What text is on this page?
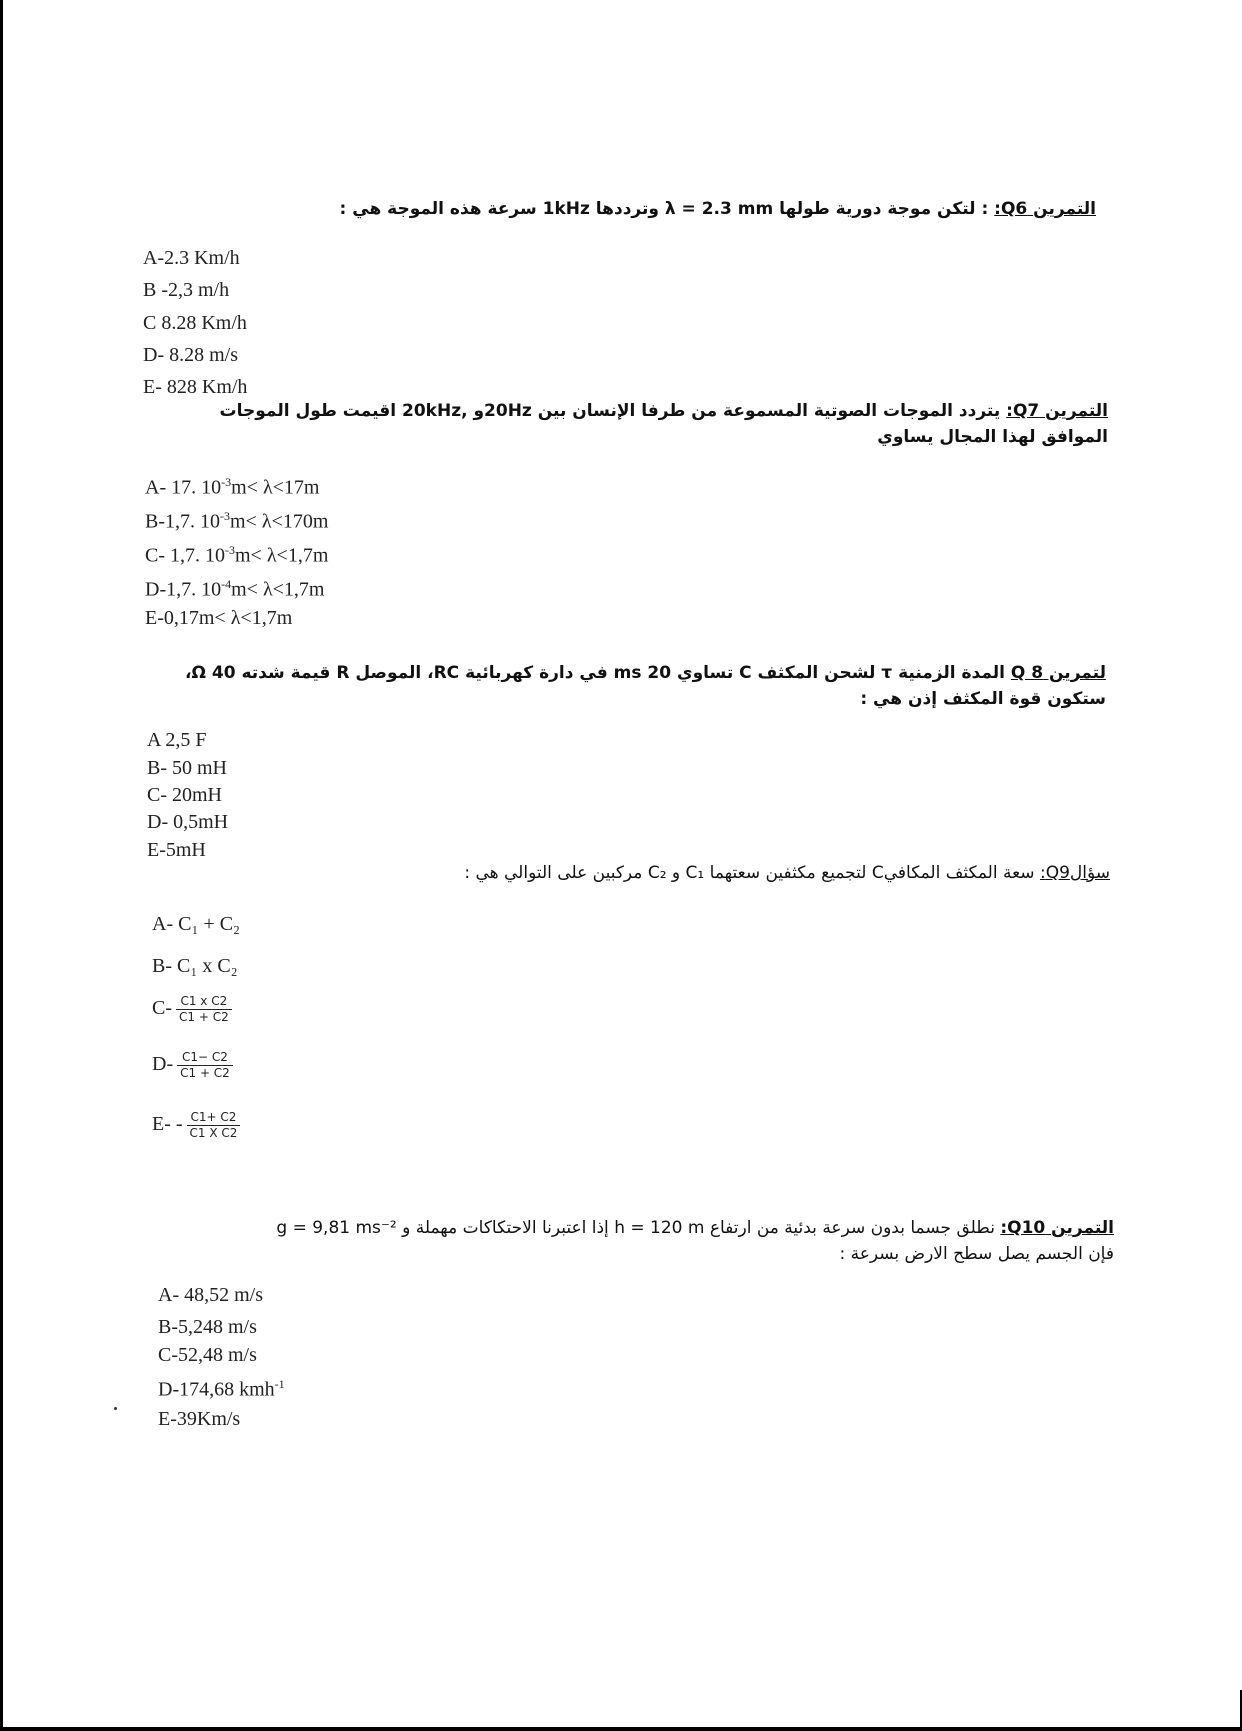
التمرين Q6: : لتكن موجة دورية طولها λ = 2.3 mm وترددها 1kHz سرعة هذه الموجة هي :
A-2.3 Km/h
B -2,3 m/h
C 8.28 Km/h
D- 8.28 m/s
E- 828 Km/h
التمرين Q7: يتردد الموجات الصوتية المسموعة من طرفا الإنسان بين 20Hzو ,20kHz اقيمت طول الموجات
الموافق لهذا المجال يساوي
A- 17. $10^{-3}m< \lambda<17m$
B-1,7. $10^{-3}m< \lambda<170m$
C- 1,7. $10^{-3}m< \lambda<1,7m$
D-1,7. $10^{-4}m< \lambda<1,7m$
E-0,17m< λ<1,7m
لتمرين Q 8 المدة الزمنية τ لشحن المكثف C تساوي 20 ms في دارة كهربائية RC، الموصل R قيمة شدته 40 Ω،
ستكون قوة المكثف إذن هي :
A 2,5 F
B- 50 mH
C- 20mH
D- 0,5mH
E-5mH
سؤالQ9: سعة المكثف المكافيC لتجميع مكثفين سعتهما C₁ و C₂ مركبين على التوالي هي :
A- C₁ + C₂
B- C₁ x C₂
$C- \frac{\text{C1 x C2}}{C1 + C2}$
$D- \frac{C1- C2}{C1 + C2}$
$E- - \frac{C1+ C2}{\text{C1 X C2}}$
التمرين Q10: نطلق جسما بدون سرعة بدئية من ارتفاع h = 120 m إذا اعتبرنا الاحتكاكات مهملة و g = 9,81 ms⁻²
فإن الجسم يصل سطح الارض بسرعة :
A- 48,52 m/s
B-5,248 m/s
C-52,48 m/s
D-174,68 kmh$^{-1}$
E-39Km/s
